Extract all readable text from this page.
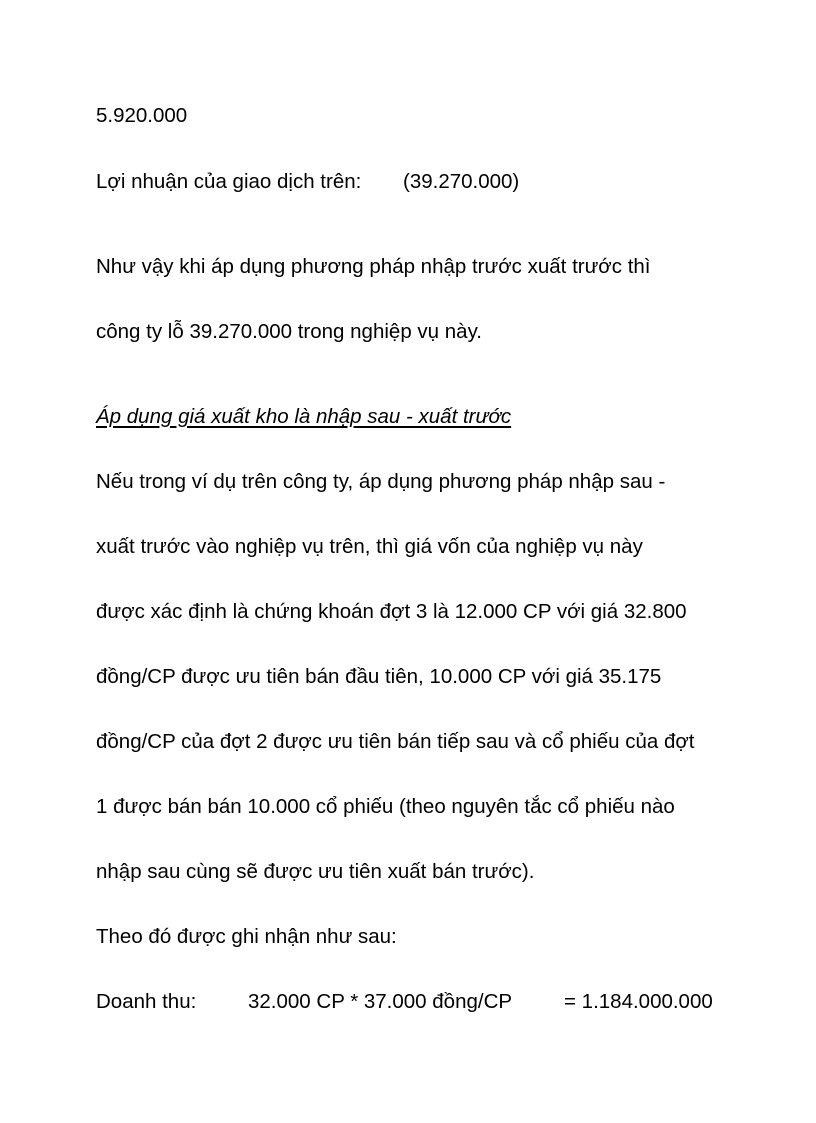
5.920.000
Lợi nhuận của giao dịch trên: (39.270.000)
Như vậy khi áp dụng phương pháp nhập trước xuất trước thì
công ty lỗ 39.270.000 trong nghiệp vụ này.
Áp dụng giá xuất kho là nhập sau - xuất trước
Nếu trong ví dụ trên công ty, áp dụng phương pháp nhập sau -
xuất trước vào nghiệp vụ trên, thì giá vốn của nghiệp vụ này
được xác định là chứng khoán đợt 3 là 12.000 CP với giá 32.800
đồng/CP được ưu tiên bán đầu tiên, 10.000 CP với giá 35.175
đồng/CP của đợt 2 được ưu tiên bán tiếp sau và cổ phiếu của đợt
1 được bán bán 10.000 cổ phiếu (theo nguyên tắc cổ phiếu nào
nhập sau cùng sẽ được ưu tiên xuất bán trước).
Theo đó được ghi nhận như sau:
Doanh thu:	32.000 CP * 37.000 đồng/CP	= 1.184.000.000
